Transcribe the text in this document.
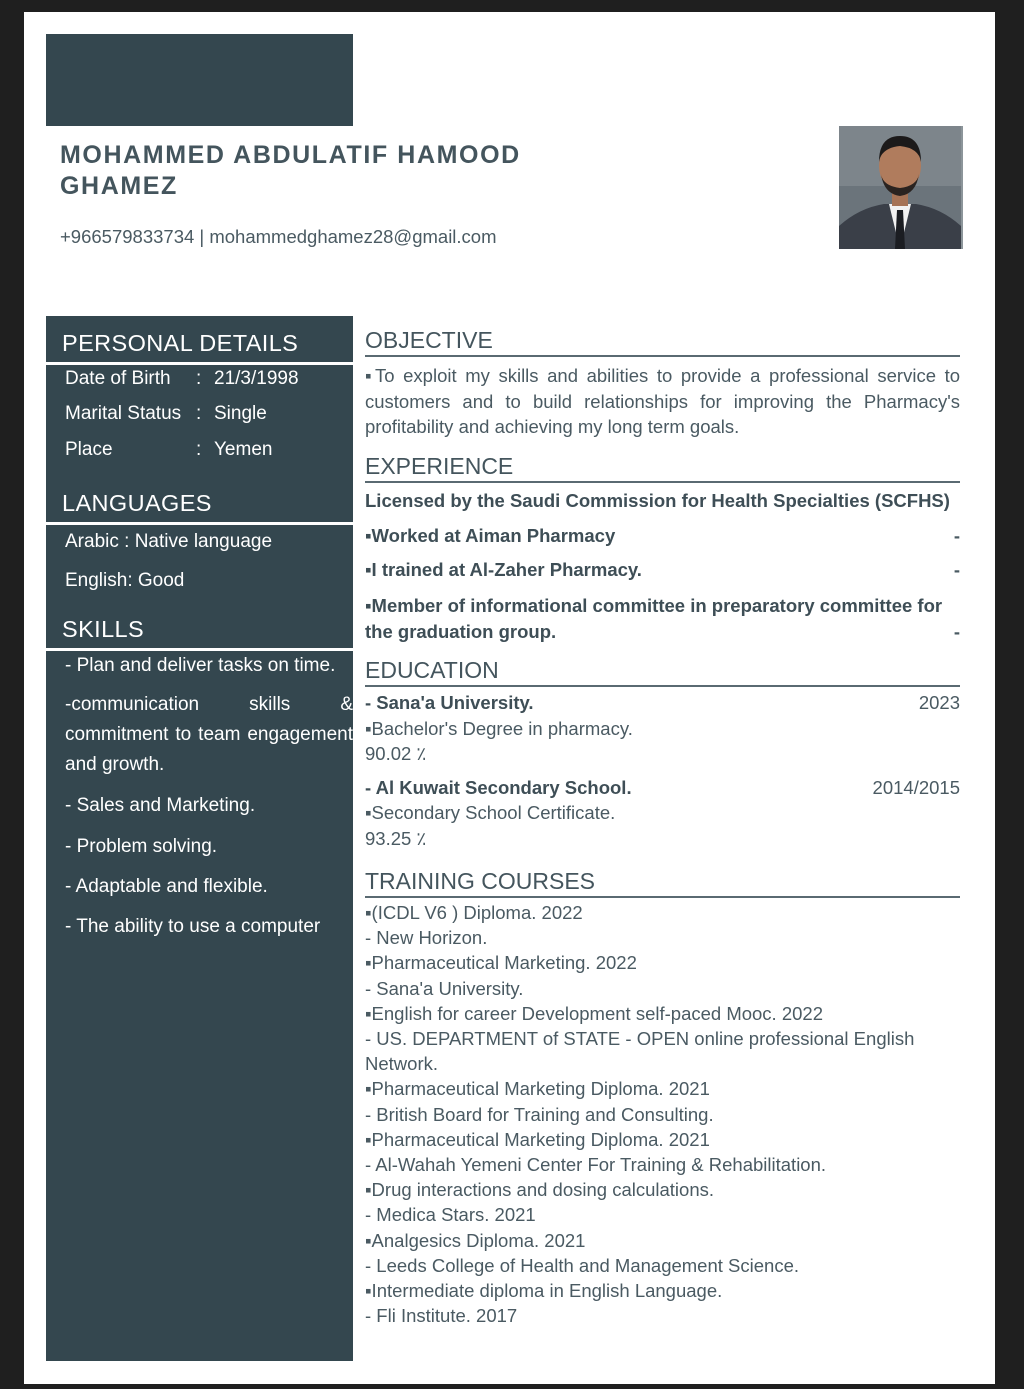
MOHAMMED ABDULATIF HAMOOD
GHAMEZ
+966579833734 | mohammedghamez28@gmail.com
PERSONAL DETAILS
Date of Birth : 21/3/1998
Marital Status : Single
Place	: Yemen
LANGUAGES
Arabic : Native language
English: Good
SKILLS
- Plan and deliver tasks on time.
-communication skills & commitment to team engagement and growth.
- Sales and Marketing.
- Problem solving.
- Adaptable and flexible.
- The ability to use a computer
OBJECTIVE
▪To exploit my skills and abilities to provide a professional service to customers and to build relationships for improving the Pharmacy's profitability and achieving my long term goals.
EXPERIENCE
Licensed by the Saudi Commission for Health Specialties (SCFHS)
▪Worked at Aiman Pharmacy	-
▪I trained at Al-Zaher Pharmacy.	-
▪Member of informational committee in preparatory committee for the graduation group.	-
EDUCATION
- Sana'a University.	2023
▪Bachelor's Degree in pharmacy.
90.02 ٪
- Al Kuwait Secondary School.	2014/2015
▪Secondary School Certificate.
93.25 ٪
TRAINING COURSES
▪(ICDL V6 ) Diploma. 2022
- New Horizon.
▪Pharmaceutical Marketing. 2022
- Sana'a University.
▪English for career Development self-paced Mooc. 2022
- US. DEPARTMENT of STATE - OPEN online professional English Network.
▪Pharmaceutical Marketing Diploma. 2021
- British Board for Training and Consulting.
▪Pharmaceutical Marketing Diploma. 2021
- Al-Wahah Yemeni Center For Training & Rehabilitation.
▪Drug interactions and dosing calculations.
- Medica Stars. 2021
▪Analgesics Diploma. 2021
- Leeds College of Health and Management Science.
▪Intermediate diploma in English Language.
- Fli Institute. 2017
